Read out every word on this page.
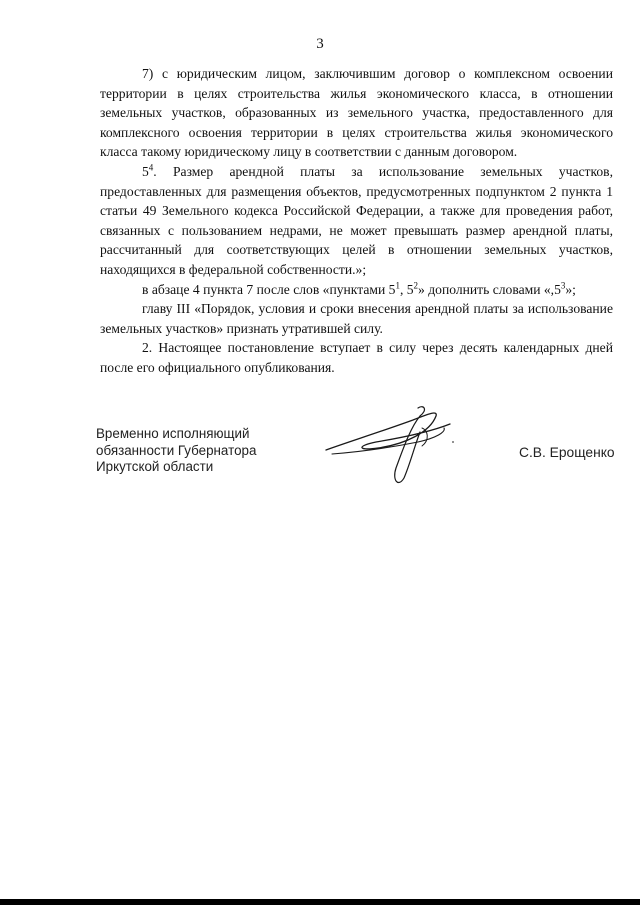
3

7) с юридическим лицом, заключившим договор о комплексном освоении территории в целях строительства жилья экономического класса, в отношении земельных участков, образованных из земельного участка, предоставленного для комплексного освоения территории в целях строительства жилья экономического класса такому юридическому лицу в соответствии с данным договором.

$5^4$. Размер арендной платы за использование земельных участков, предоставленных для размещения объектов, предусмотренных подпунктом 2 пункта 1 статьи 49 Земельного кодекса Российской Федерации, а также для проведения работ, связанных с пользованием недрами, не может превышать размер арендной платы, рассчитанный для соответствующих целей в отношении земельных участков, находящихся в федеральной собственности.»;

в абзаце 4 пункта 7 после слов «пунктами $5^1$, $5^2$» дополнить словами «$,5^3$»;

главу III «Порядок, условия и сроки внесения арендной платы за использование земельных участков» признать утратившей силу.

2. Настоящее постановление вступает в силу через десять календарных дней после его официального опубликования.

Временно исполняющий
обязанности Губернатора
Иркутской области
С.В. Ерощенко
